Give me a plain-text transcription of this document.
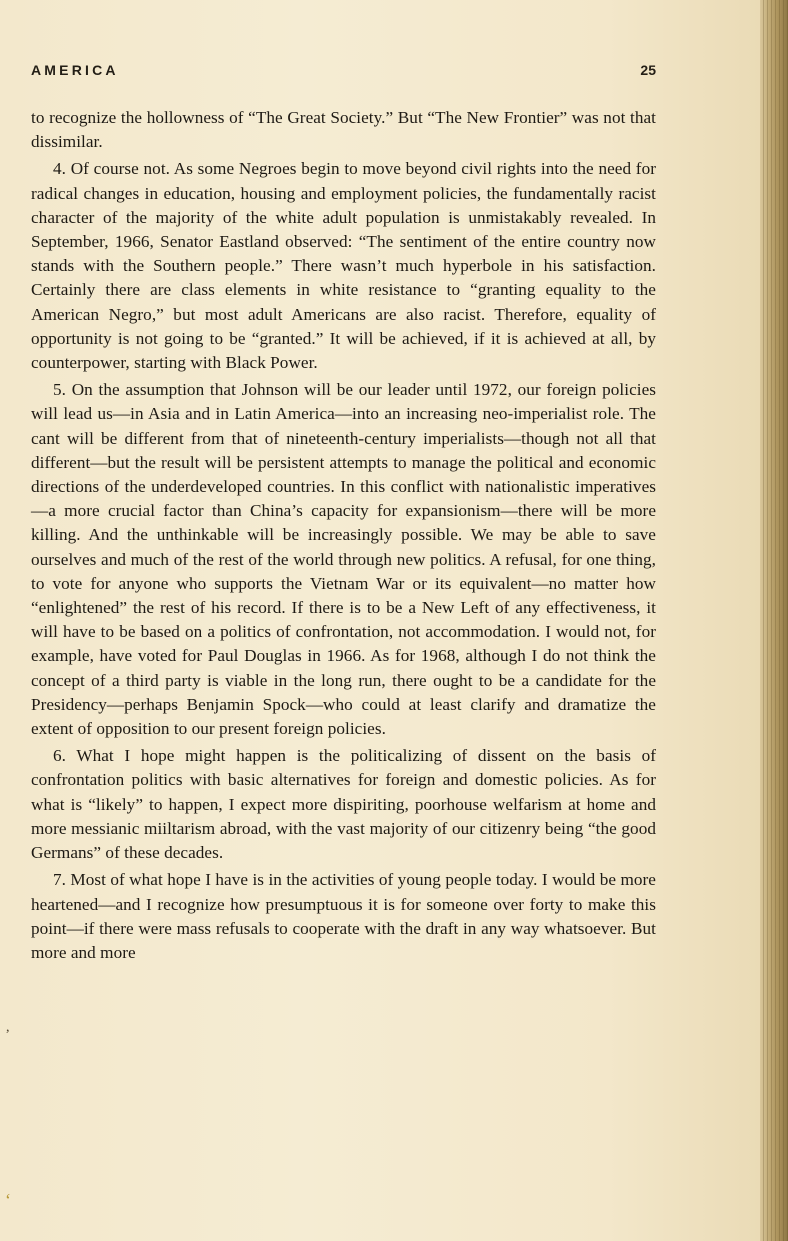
AMERICA	25

to recognize the hollowness of “The Great Society.” But “The New Frontier” was not that dissimilar.

4. Of course not. As some Negroes begin to move beyond civil rights into the need for radical changes in education, housing and employment policies, the fundamentally racist character of the majority of the white adult population is unmistakably revealed. In September, 1966, Senator Eastland observed: “The sentiment of the entire country now stands with the Southern people.” There wasn’t much hyperbole in his satisfaction. Certainly there are class elements in white resistance to “granting equality to the American Negro,” but most adult Americans are also racist. Therefore, equality of opportunity is not going to be “granted.” It will be achieved, if it is achieved at all, by counterpower, starting with Black Power.

5. On the assumption that Johnson will be our leader until 1972, our foreign policies will lead us—in Asia and in Latin America—into an increasing neo-imperialist role. The cant will be different from that of nineteenth-century imperialists—though not all that different—but the result will be persistent attempts to manage the political and economic directions of the underdeveloped countries. In this conflict with nationalistic imperatives—a more crucial factor than China’s capacity for expansionism—there will be more killing. And the unthinkable will be increasingly possible. We may be able to save ourselves and much of the rest of the world through new politics. A refusal, for one thing, to vote for anyone who supports the Vietnam War or its equivalent—no matter how “enlightened” the rest of his record. If there is to be a New Left of any effectiveness, it will have to be based on a politics of confrontation, not accommodation. I would not, for example, have voted for Paul Douglas in 1966. As for 1968, although I do not think the concept of a third party is viable in the long run, there ought to be a candidate for the Presidency—perhaps Benjamin Spock—who could at least clarify and dramatize the extent of opposition to our present foreign policies.

6. What I hope might happen is the politicalizing of dissent on the basis of confrontation politics with basic alternatives for foreign and domestic policies. As for what is “likely” to happen, I expect more dispiriting, poorhouse welfarism at home and more messianic miiltarism abroad, with the vast majority of our citizenry being “the good Germans” of these decades.

7. Most of what hope I have is in the activities of young people today. I would be more heartened—and I recognize how presumptuous it is for someone over forty to make this point—if there were mass refusals to cooperate with the draft in any way whatsoever. But more and more

,
‘
